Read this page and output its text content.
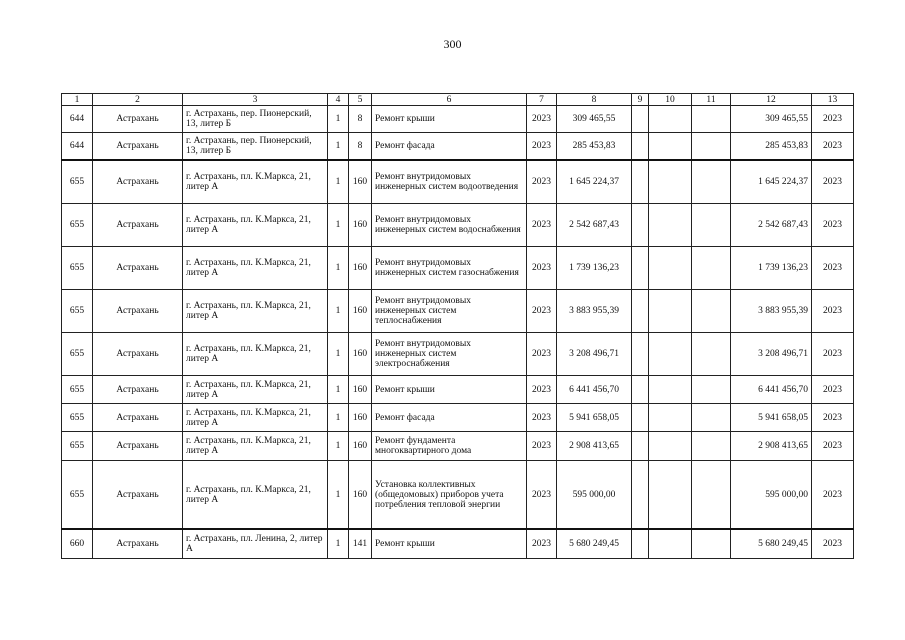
300
1	2	3	4	5	6	7	8	9	10	11	12	13
644	Астрахань	г. Астрахань, пер. Пионерский, 13, литер Б	1	8	Ремонт крыши	2023	309 465,55				309 465,55	2023
644	Астрахань	г. Астрахань, пер. Пионерский, 13, литер Б	1	8	Ремонт фасада	2023	285 453,83				285 453,83	2023
655	Астрахань	г. Астрахань, пл. К.Маркса, 21, литер А	1	160	Ремонт внутридомовых инженерных систем водоотведения	2023	1 645 224,37				1 645 224,37	2023
655	Астрахань	г. Астрахань, пл. К.Маркса, 21, литер А	1	160	Ремонт внутридомовых инженерных систем водоснабжения	2023	2 542 687,43				2 542 687,43	2023
655	Астрахань	г. Астрахань, пл. К.Маркса, 21, литер А	1	160	Ремонт внутридомовых инженерных систем газоснабжения	2023	1 739 136,23				1 739 136,23	2023
655	Астрахань	г. Астрахань, пл. К.Маркса, 21, литер А	1	160	Ремонт внутридомовых инженерных систем теплоснабжения	2023	3 883 955,39				3 883 955,39	2023
655	Астрахань	г. Астрахань, пл. К.Маркса, 21, литер А	1	160	Ремонт внутридомовых инженерных систем электроснабжения	2023	3 208 496,71				3 208 496,71	2023
655	Астрахань	г. Астрахань, пл. К.Маркса, 21, литер А	1	160	Ремонт крыши	2023	6 441 456,70				6 441 456,70	2023
655	Астрахань	г. Астрахань, пл. К.Маркса, 21, литер А	1	160	Ремонт фасада	2023	5 941 658,05				5 941 658,05	2023
655	Астрахань	г. Астрахань, пл. К.Маркса, 21, литер А	1	160	Ремонт фундамента многоквартирного дома	2023	2 908 413,65				2 908 413,65	2023
655	Астрахань	г. Астрахань, пл. К.Маркса, 21, литер А	1	160	Установка коллективных (общедомовых) приборов учета потребления тепловой энергии	2023	595 000,00				595 000,00	2023
660	Астрахань	г. Астрахань, пл. Ленина, 2, литер А	1	141	Ремонт крыши	2023	5 680 249,45				5 680 249,45	2023
